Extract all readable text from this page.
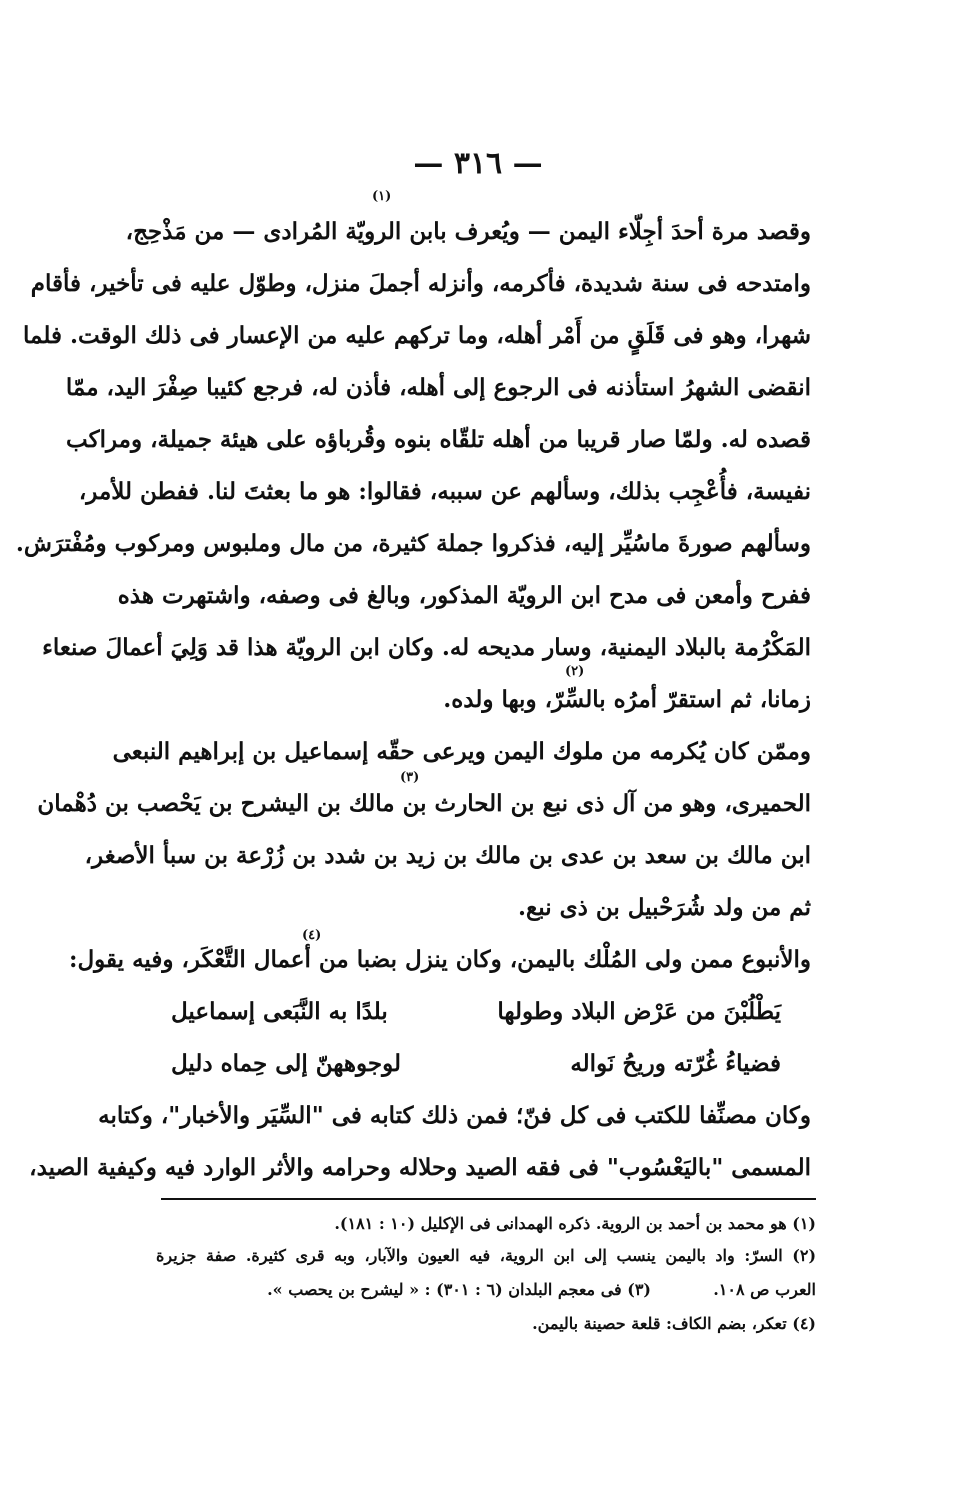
— ٣١٦ —
(١)
وقصد مرة أحدَ أجِلّاء اليمن — ويُعرف بابن الرويّة المُرادى — من مَذْحِج،
وامتدحه فى سنة شديدة، فأكرمه، وأنزله أجملَ منزل، وطوّل عليه فى تأخير، فأقام
شهرا، وهو فى قَلَقٍ من أَمْر أهله، وما تركهم عليه من الإعسار فى ذلك الوقت. فلما
انقضى الشهرُ استأذنه فى الرجوع إلى أهله، فأذن له، فرجع كئيبا صِفْرَ اليد، ممّا
قصده له. ولمّا صار قريبا من أهله تلقّاه بنوه وقُرباؤه على هيئة جميلة، ومراكب
نفيسة، فأُعْجِب بذلك، وسألهم عن سببه، فقالوا: هو ما بعثتَ لنا. ففطن للأمر،
وسألهم صورةَ ماسُيِّر إليه، فذكروا جملة كثيرة، من مال وملبوس ومركوب ومُفْترَش.
ففرح وأمعن فى مدح ابن الرويّة المذكور، وبالغ فى وصفه، واشتهرت هذه
المَكْرُمة بالبلاد اليمنية، وسار مديحه له. وكان ابن الرويّة هذا قد وَلِيَ أعمالَ صنعاء
(٢)
زمانا، ثم استقرّ أمرُه بالسِّرّ، وبها ولده.
وممّن كان يُكرمه من ملوك اليمن ويرعى حقّه إسماعيل بن إبراهيم النبعى
(٣)
الحميرى، وهو من آل ذى نبع بن الحارث بن مالك بن اليشرح بن يَحْصب بن دُهْمان
ابن مالك بن سعد بن عدى بن مالك بن زيد بن شدد بن زُرْعة بن سبأ الأصغر،
ثم من ولد شُرَحْبيل بن ذى نبع.
(٤)
والأنبوع ممن ولى المُلْك باليمن، وكان ينزل بضبا من أعمال التَّعْكَر، وفيه يقول:
يَطْلُبْنَ من عَرْض البلاد وطولها
بلدًا به النَّبَعى إسماعيل
فضياءُ غُرّته وريحُ نَواله
لوجوههنّ إلى حِماه دليل
وكان مصنِّفا للكتب فى كل فنّ؛ فمن ذلك كتابه فى "السِّيَر والأخبار"، وكتابه
المسمى "باليَعْسُوب" فى فقه الصيد وحلاله وحرامه والأثر الوارد فيه وكيفية الصيد،
(١) هو محمد بن أحمد بن الروية. ذكره الهمدانى فى الإكليل (١٠ : ١٨١).
(٢) السرّ: واد باليمن ينسب إلى ابن الروية، فيه العيون والآبار، وبه قرى كثيرة. صفة جزيرة
العرب ص ١٠٨.
(٣) فى معجم البلدان (٦ : ٣٠١) : « ليشرح بن يحصب ».
(٤) تعكر، بضم الكاف: قلعة حصينة باليمن.
